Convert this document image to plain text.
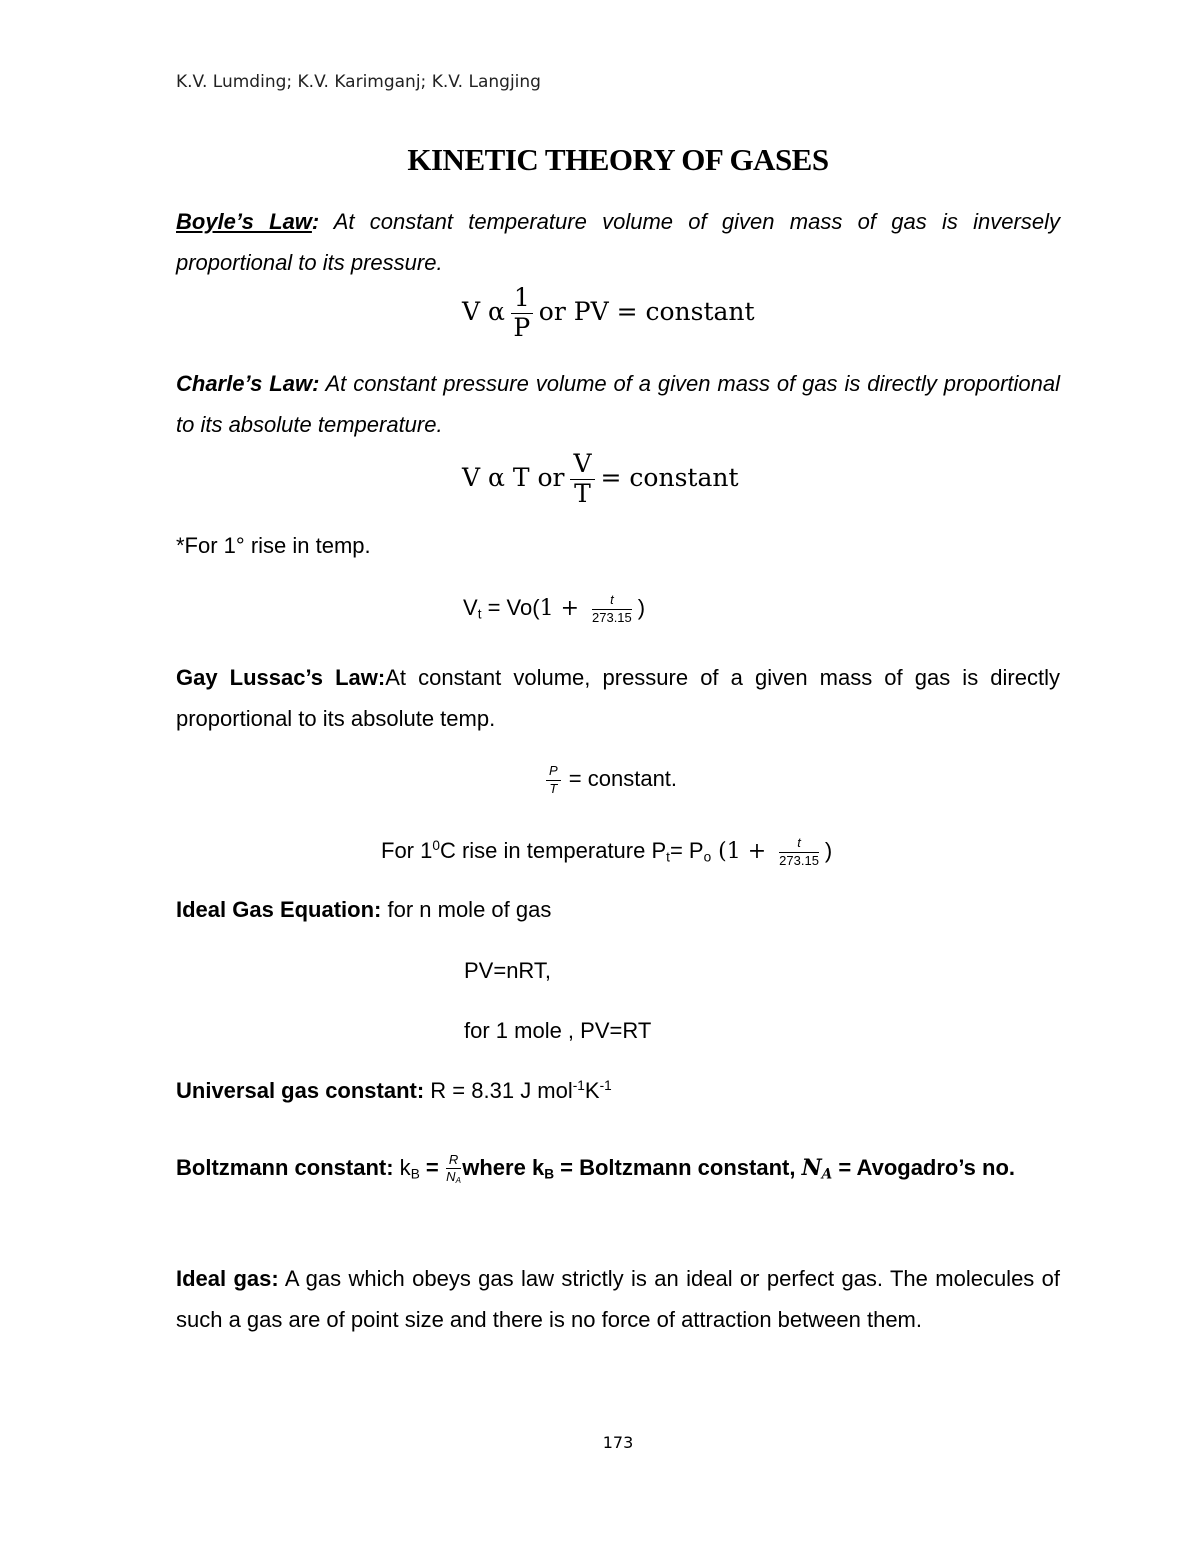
K.V. Lumding; K.V. Karimganj; K.V. Langjing
KINETIC THEORY OF GASES
Boyle’s Law: At constant temperature volume of given mass of gas is inversely proportional to its pressure.
V α $\frac{1}{P}$ or PV = constant
Charle’s Law: At constant pressure volume of a given mass of gas is directly proportional to its absolute temperature.
V α T or $\frac{V}{T}$ = constant
*For 1° rise in temp.
$V_t = Vo(1 + \frac{t}{273.15}$ )
Gay Lussac’s Law:At constant volume, pressure of a given mass of gas is directly proportional to its absolute temp.
$\frac{P}{T}$ = constant.
For $1^0C$ rise in temperature $P_t= P_o$ ($1 + \frac{t}{273.15}$ )
Ideal Gas Equation: for n mole of gas
PV=nRT,
for 1 mole , PV=RT
Universal gas constant: R = 8.31 J $mol^{-1}K^{-1}$
Boltzmann constant: $k_B = \frac{R}{N_A}$ where $k_B$ = Boltzmann constant, $N_A$ = Avogadro’s no.
Ideal gas: A gas which obeys gas law strictly is an ideal or perfect gas. The molecules of such a gas are of point size and there is no force of attraction between them.
173
